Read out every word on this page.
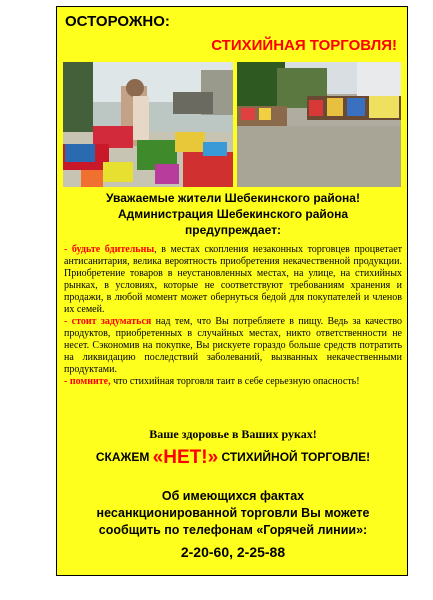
ОСТОРОЖНО:

СТИХИЙНАЯ ТОРГОВЛЯ!

Уважаемые жители Шебекинского района!
Администрация Шебекинского района
предупреждает:

- будьте бдительны, в местах скопления незаконных торговцев процветает антисанитария, велика вероятность приобретения некачественной продукции. Приобретение товаров в неустановленных местах, на улице, на стихийных рынках, в условиях, которые не соответствуют требованиям хранения и продажи, в любой момент может обернуться бедой для покупателей и членов их семей.

- стоит задуматься над тем, что Вы потребляете в пищу. Ведь за качество продуктов, приобретенных в случайных местах, никто ответственности не несет. Сэкономив на покупке, Вы рискуете гораздо больше средств потратить на ликвидацию последствий заболеваний, вызванных некачественными продуктами.

- помните, что стихийная торговля таит в себе серьезную опасность!

Ваше здоровье в Ваших руках!

СКАЖЕМ «НЕТ!» СТИХИЙНОЙ ТОРГОВЛЕ!

Об имеющихся фактах
несанкционированной торговли Вы можете
сообщить по телефонам «Горячей линии»:

2-20-60, 2-25-88
